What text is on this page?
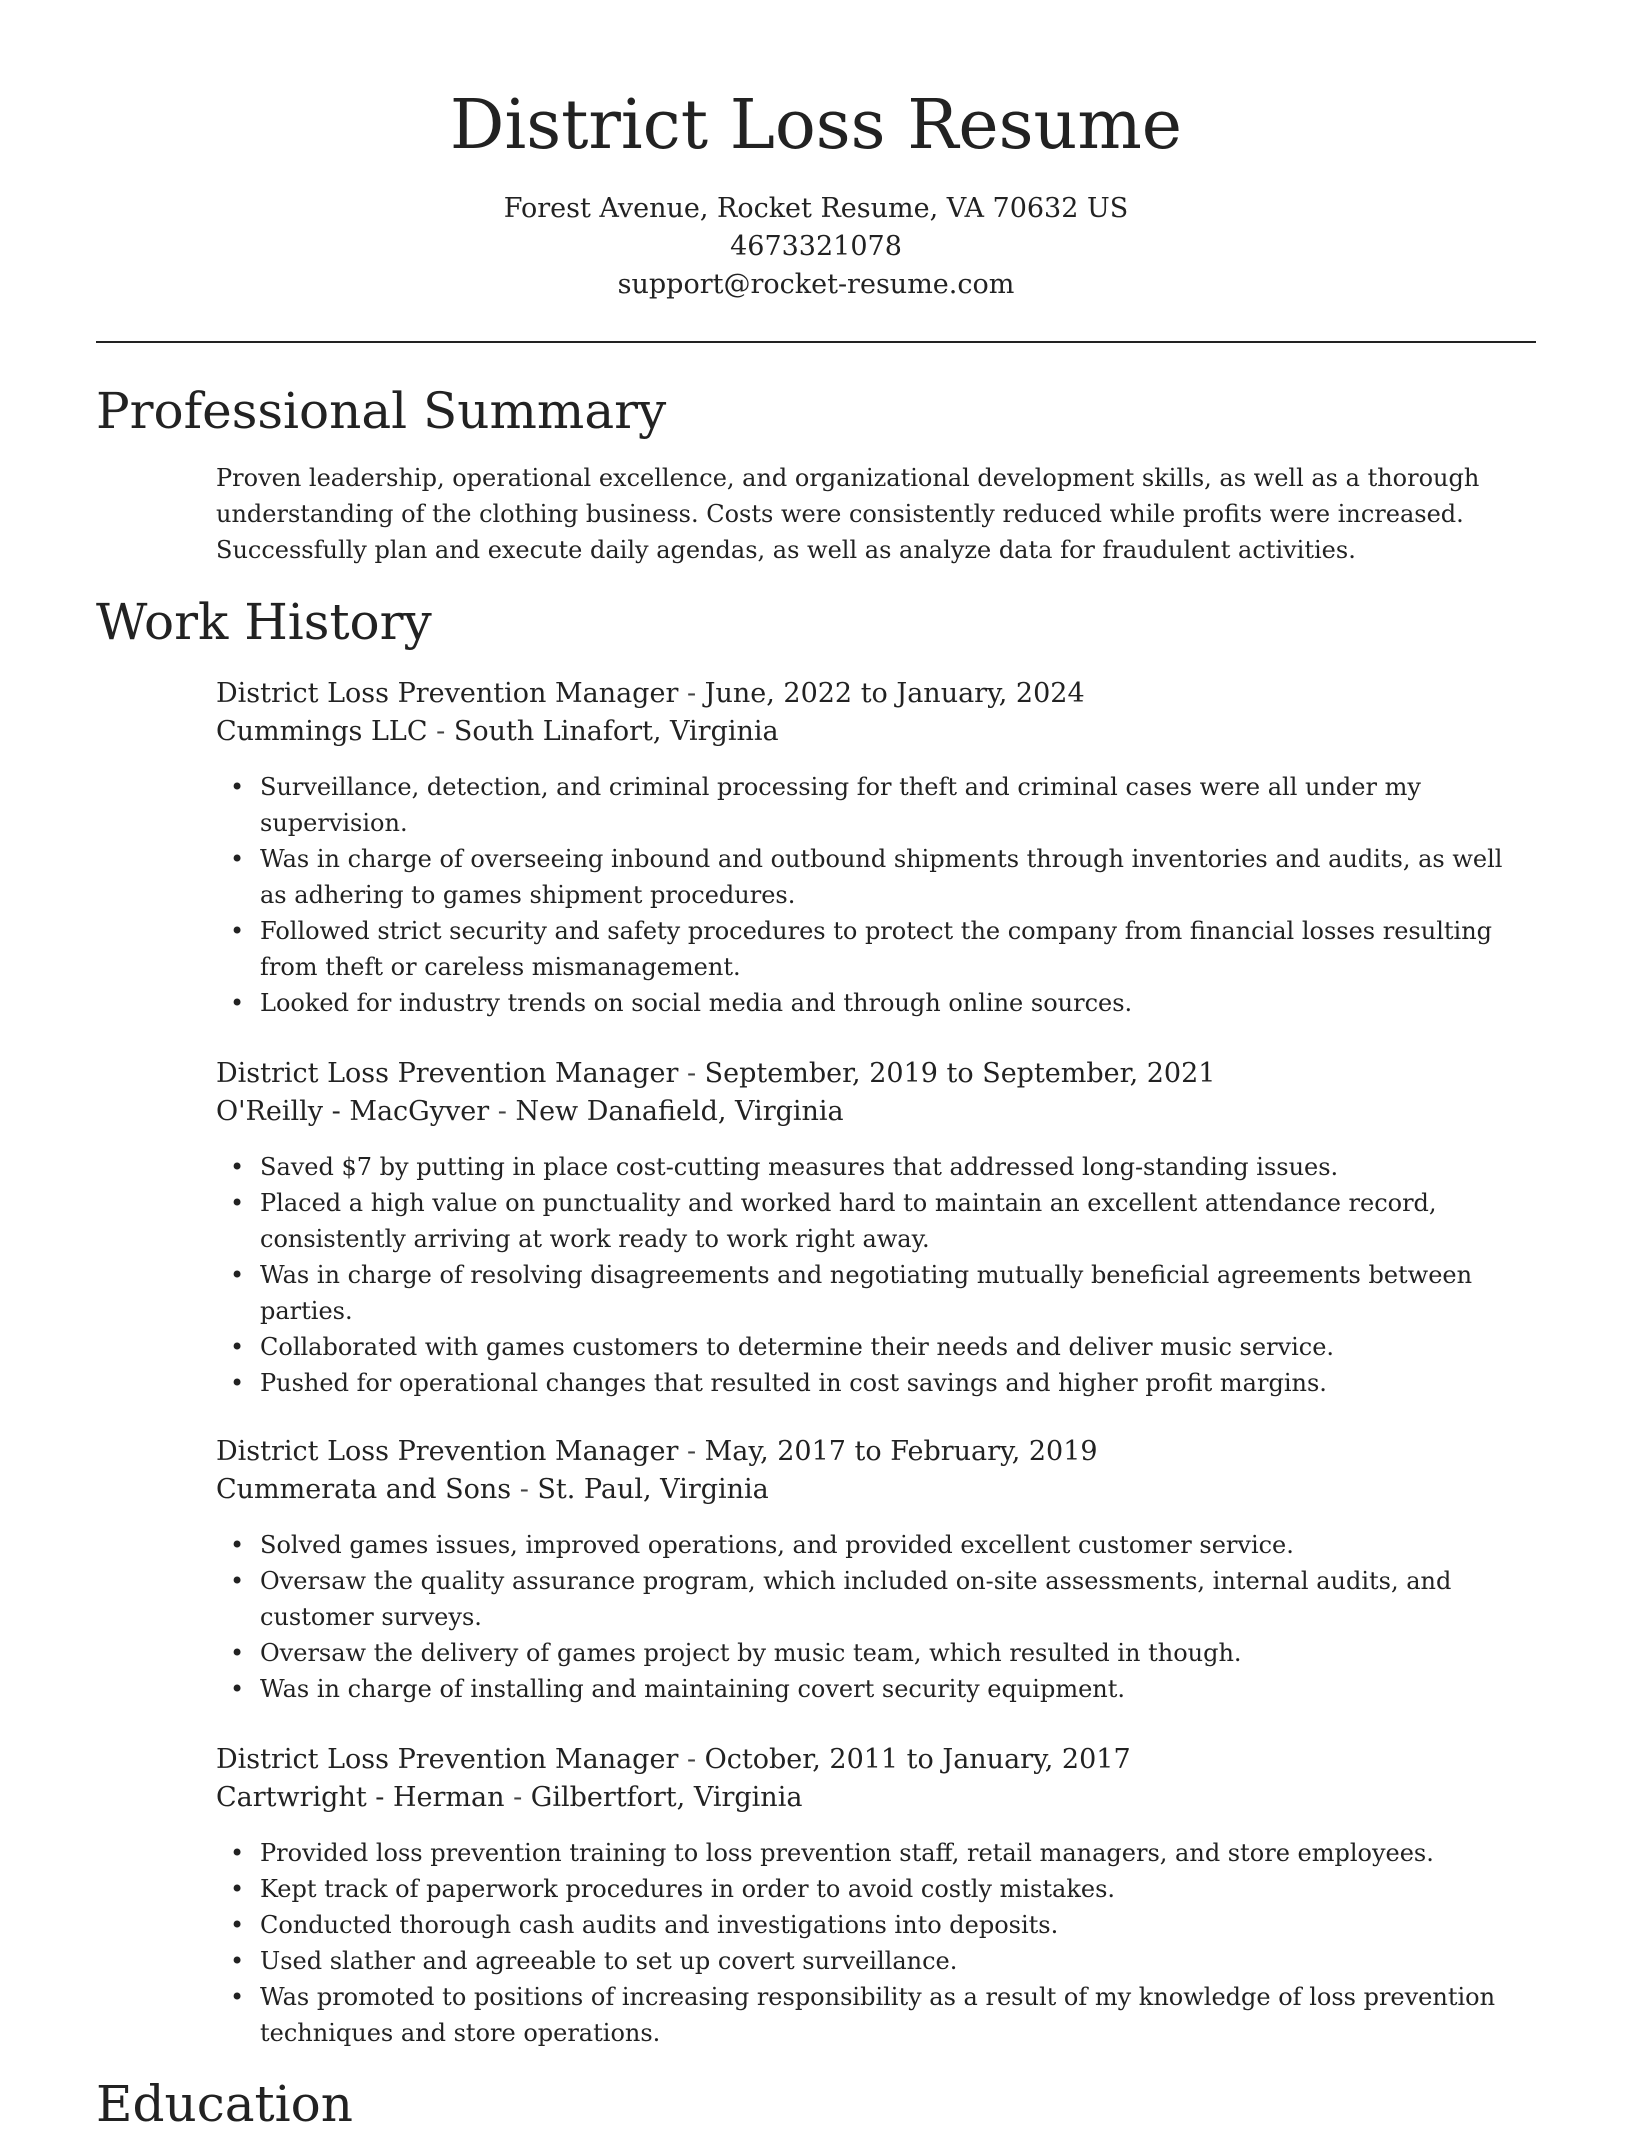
District Loss Resume
Forest Avenue, Rocket Resume, VA 70632 US
4673321078
support@rocket-resume.com
Professional Summary

Proven leadership, operational excellence, and organizational development skills, as well as a thorough understanding of the clothing business. Costs were consistently reduced while profits were increased. Successfully plan and execute daily agendas, as well as analyze data for fraudulent activities.

Work History

District Loss Prevention Manager - June, 2022 to January, 2024

Cummings LLC - South Linafort, Virginia

• Surveillance, detection, and criminal processing for theft and criminal cases were all under my supervision.
• Was in charge of overseeing inbound and outbound shipments through inventories and audits, as well as adhering to games shipment procedures.
• Followed strict security and safety procedures to protect the company from financial losses resulting from theft or careless mismanagement.
• Looked for industry trends on social media and through online sources.

District Loss Prevention Manager - September, 2019 to September, 2021

O'Reilly - MacGyver - New Danafield, Virginia

• Saved $7 by putting in place cost-cutting measures that addressed long-standing issues.
• Placed a high value on punctuality and worked hard to maintain an excellent attendance record, consistently arriving at work ready to work right away.
• Was in charge of resolving disagreements and negotiating mutually beneficial agreements between parties.
• Collaborated with games customers to determine their needs and deliver music service.
• Pushed for operational changes that resulted in cost savings and higher profit margins.

District Loss Prevention Manager - May, 2017 to February, 2019

Cummerata and Sons - St. Paul, Virginia

• Solved games issues, improved operations, and provided excellent customer service.
• Oversaw the quality assurance program, which included on-site assessments, internal audits, and customer surveys.
• Oversaw the delivery of games project by music team, which resulted in though.
• Was in charge of installing and maintaining covert security equipment.

District Loss Prevention Manager - October, 2011 to January, 2017

Cartwright - Herman - Gilbertfort, Virginia

• Provided loss prevention training to loss prevention staff, retail managers, and store employees.
• Kept track of paperwork procedures in order to avoid costly mistakes.
• Conducted thorough cash audits and investigations into deposits.
• Used slather and agreeable to set up covert surveillance.
• Was promoted to positions of increasing responsibility as a result of my knowledge of loss prevention techniques and store operations.
Education
